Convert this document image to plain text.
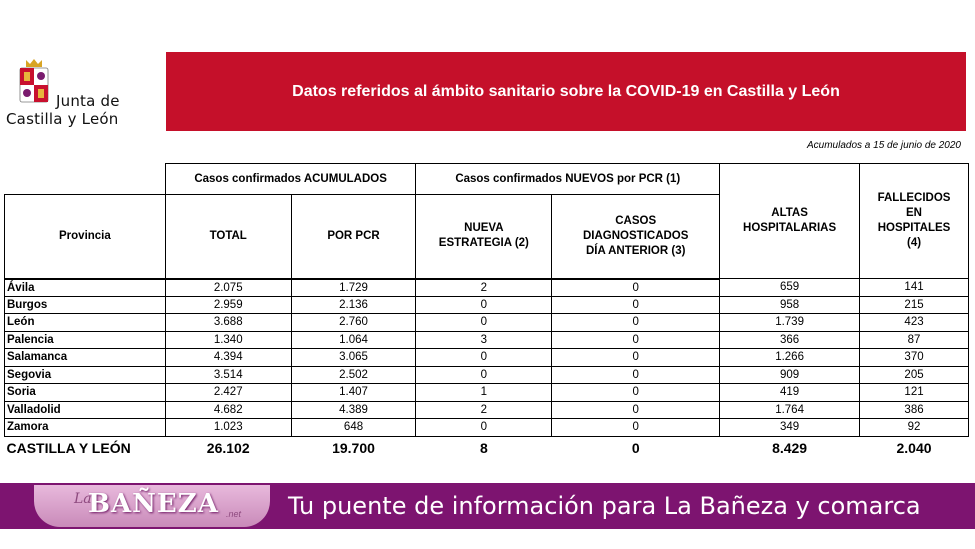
Junta de
Castilla y León
Datos referidos al ámbito sanitario sobre la COVID-19 en Castilla y León
Acumulados a 15 de junio de 2020
	Casos confirmados ACUMULADOS		Casos confirmados NUEVOS por PCR (1)		ALTAS
HOSPITALARIAS	FALLECIDOS
EN
HOSPITALES
(4)
Provincia	TOTAL	POR PCR	NUEVA
ESTRATEGIA (2)	CASOS
DIAGNOSTICADOS
DÍA ANTERIOR (3)		
Ávila	2.075	1.729	2	0	659	141
Burgos	2.959	2.136	0	0	958	215
León	3.688	2.760	0	0	1.739	423
Palencia	1.340	1.064	3	0	366	87
Salamanca	4.394	3.065	0	0	1.266	370
Segovia	3.514	2.502	0	0	909	205
Soria	2.427	1.407	1	0	419	121
Valladolid	4.682	4.389	2	0	1.764	386
Zamora	1.023	648	0	0	349	92
CASTILLA Y LEÓN	26.102	19.700	8	0	8.429	2.040
La
BAÑEZA .net Tu puente de información para La Bañeza y comarca
